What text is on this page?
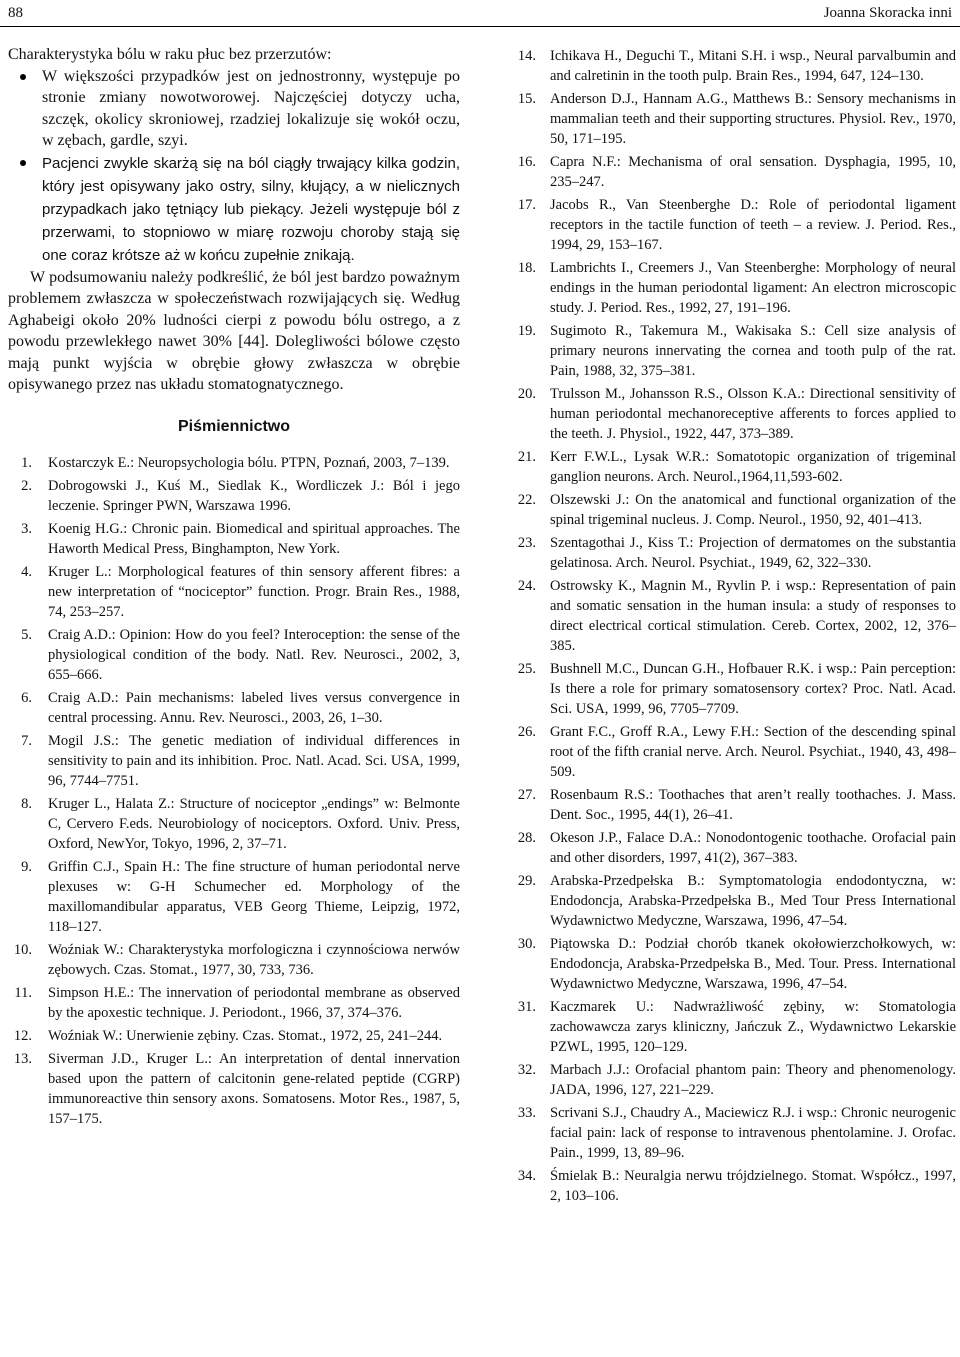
88	Joanna Skoracka inni

Charakterystyka bólu w raku płuc bez przerzutów:

W większości przypadków jest on jednostronny, występuje po stronie zmiany nowotworowej. Najczęściej dotyczy ucha, szczęk, okolicy skroniowej, rzadziej lokalizuje się wokół oczu, w zębach, gardle, szyi.
Pacjenci zwykle skarżą się na ból ciągły trwający kilka godzin, który jest opisywany jako ostry, silny, kłujący, a w nielicznych przypadkach jako tętniący lub piekący. Jeżeli występuje ból z przerwami, to stopniowo w miarę rozwoju choroby stają się one coraz krótsze aż w końcu zupełnie znikają.

W podsumowaniu należy podkreślić, że ból jest bardzo poważnym problemem zwłaszcza w społeczeństwach rozwijających się. Według Aghabeigi około 20% ludności cierpi z powodu bólu ostrego, a z powodu przewlekłego nawet 30% [44]. Dolegliwości bólowe często mają punkt wyjścia w obrębie głowy zwłaszcza w obrębie opisywanego przez nas układu stomatognatycznego.

Piśmiennictwo
1. Kostarczyk E.: Neuropsychologia bólu. PTPN, Poznań, 2003, 7–139.
2. Dobrogowski J., Kuś M., Siedlak K., Wordliczek J.: Ból i jego leczenie. Springer PWN, Warszawa 1996.
3. Koenig H.G.: Chronic pain. Biomedical and spiritual approaches. The Haworth Medical Press, Binghampton, New York.
4. Kruger L.: Morphological features of thin sensory afferent fibres: a new interpretation of “nociceptor” function. Progr. Brain Res., 1988, 74, 253–257.
5. Craig A.D.: Opinion: How do you feel? Interoception: the sense of the physiological condition of the body. Natl. Rev. Neurosci., 2002, 3, 655–666.
6. Craig A.D.: Pain mechanisms: labeled lives versus convergence in central processing. Annu. Rev. Neurosci., 2003, 26, 1–30.
7. Mogil J.S.: The genetic mediation of individual differences in sensitivity to pain and its inhibition. Proc. Natl. Acad. Sci. USA, 1999, 96, 7744–7751.
8. Kruger L., Halata Z.: Structure of nociceptor „endings” w: Belmonte C, Cervero F.eds. Neurobiology of nociceptors. Oxford. Univ. Press, Oxford, NewYor, Tokyo, 1996, 2, 37–71.
9. Griffin C.J., Spain H.: The fine structure of human periodontal nerve plexuses w: G-H Schumecher ed. Morphology of the maxillomandibular apparatus, VEB Georg Thieme, Leipzig, 1972, 118–127.
10. Woźniak W.: Charakterystyka morfologiczna i czynnościowa nerwów zębowych. Czas. Stomat., 1977, 30, 733, 736.
11. Simpson H.E.: The innervation of periodontal membrane as observed by the apoxestic technique. J. Periodont., 1966, 37, 374–376.
12. Woźniak W.: Unerwienie zębiny. Czas. Stomat., 1972, 25, 241–244.
13. Siverman J.D., Kruger L.: An interpretation of dental innervation based upon the pattern of calcitonin gene-related peptide (CGRP) immunoreactive thin sensory axons. Somatosens. Motor Res., 1987, 5, 157–175.
14. Ichikava H., Deguchi T., Mitani S.H. i wsp., Neural parvalbumin and and calretinin in the tooth pulp. Brain Res., 1994, 647, 124–130.
15. Anderson D.J., Hannam A.G., Matthews B.: Sensory mechanisms in mammalian teeth and their supporting structures. Physiol. Rev., 1970, 50, 171–195.
16. Capra N.F.: Mechanisma of oral sensation. Dysphagia, 1995, 10, 235–247.
17. Jacobs R., Van Steenberghe D.: Role of periodontal ligament receptors in the tactile function of teeth – a review. J. Period. Res., 1994, 29, 153–167.
18. Lambrichts I., Creemers J., Van Steenberghe: Morphology of neural endings in the human periodontal ligament: An electron microscopic study. J. Period. Res., 1992, 27, 191–196.
19. Sugimoto R., Takemura M., Wakisaka S.: Cell size analysis of primary neurons innervating the cornea and tooth pulp of the rat. Pain, 1988, 32, 375–381.
20. Trulsson M., Johansson R.S., Olsson K.A.: Directional sensitivity of human periodontal mechanoreceptive afferents to forces applied to the teeth. J. Physiol., 1922, 447, 373–389.
21. Kerr F.W.L., Lysak W.R.: Somatotopic organization of trigeminal ganglion neurons. Arch. Neurol.,1964,11,593-602.
22. Olszewski J.: On the anatomical and functional organization of the spinal trigeminal nucleus. J. Comp. Neurol., 1950, 92, 401–413.
23. Szentagothai J., Kiss T.: Projection of dermatomes on the substantia gelatinosa. Arch. Neurol. Psychiat., 1949, 62, 322–330.
24. Ostrowsky K., Magnin M., Ryvlin P. i wsp.: Representation of pain and somatic sensation in the human insula: a study of responses to direct electrical cortical stimulation. Cereb. Cortex, 2002, 12, 376–385.
25. Bushnell M.C., Duncan G.H., Hofbauer R.K. i wsp.: Pain perception: Is there a role for primary somatosensory cortex? Proc. Natl. Acad. Sci. USA, 1999, 96, 7705–7709.
26. Grant F.C., Groff R.A., Lewy F.H.: Section of the descending spinal root of the fifth cranial nerve. Arch. Neurol. Psychiat., 1940, 43, 498–509.
27. Rosenbaum R.S.: Toothaches that aren’t really toothaches. J. Mass. Dent. Soc., 1995, 44(1), 26–41.
28. Okeson J.P., Falace D.A.: Nonodontogenic toothache. Orofacial pain and other disorders, 1997, 41(2), 367–383.
29. Arabska-Przedpełska B.: Symptomatologia endodontyczna, w: Endodoncja, Arabska-Przedpełska B., Med Tour Press International Wydawnictwo Medyczne, Warszawa, 1996, 47–54.
30. Piątowska D.: Podział chorób tkanek okołowierzchołkowych, w: Endodoncja, Arabska-Przedpełska B., Med. Tour. Press. International Wydawnictwo Medyczne, Warszawa, 1996, 47–54.
31. Kaczmarek U.: Nadwrażliwość zębiny, w: Stomatologia zachowawcza zarys kliniczny, Jańczuk Z., Wydawnictwo Lekarskie PZWL, 1995, 120–129.
32. Marbach J.J.: Orofacial phantom pain: Theory and phenomenology. JADA, 1996, 127, 221–229.
33. Scrivani S.J., Chaudry A., Maciewicz R.J. i wsp.: Chronic neurogenic facial pain: lack of response to intravenous phentolamine. J. Orofac. Pain., 1999, 13, 89–96.
34. Śmielak B.: Neuralgia nerwu trójdzielnego. Stomat. Współcz., 1997, 2, 103–106.
